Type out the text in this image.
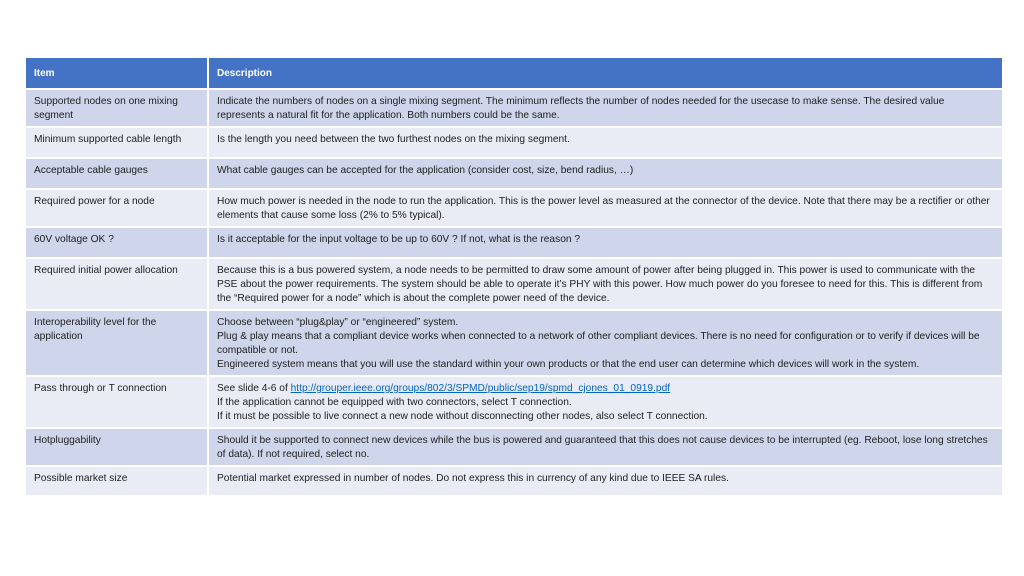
Item	Description
Supported nodes on one mixing segment	Indicate the numbers of nodes on a single mixing segment. The minimum reflects the number of nodes needed for the usecase to make sense. The desired value represents a natural fit for the application. Both numbers could be the same.

Minimum supported cable length	Is the length you need between the two furthest nodes on the mixing segment.

Acceptable cable gauges	What cable gauges can be accepted for the application (consider cost, size, bend radius, …)

Required power for a node	How much power is needed in the node to run the application. This is the power level as measured at the connector of the device. Note that there may be a rectifier or other elements that cause some loss (2% to 5% typical).

60V voltage OK ?	Is it acceptable for the input voltage to be up to 60V ? If not, what is the reason ?

Required initial power allocation	Because this is a bus powered system, a node needs to be permitted to draw some amount of power after being plugged in. This power is used to communicate with the PSE about the power requirements. The system should be able to operate it’s PHY with this power. How much power do you foresee to need for this. This is different from the “Required power for a node” which is about the complete power need of the device.

Interoperability level for the application	Choose between “plug&play” or “engineered” system.
Plug & play means that a compliant device works when connected to a network of other compliant devices. There is no need for configuration or to verify if devices will be compatible or not.
Engineered system means that you will use the standard within your own products or that the end user can determine which devices will work in the system.

Pass through or T connection	See slide 4-6 of http://grouper.ieee.org/groups/802/3/SPMD/public/sep19/spmd_cjones_01_0919.pdf
If the application cannot be equipped with two connectors, select T connection.
If it must be possible to live connect a new node without disconnecting other nodes, also select T connection.

Hotpluggability	Should it be supported to connect new devices while the bus is powered and guaranteed that this does not cause devices to be interrupted (eg. Reboot, lose long stretches of data). If not required, select no.

Possible market size	Potential market expressed in number of nodes. Do not express this in currency of any kind due to IEEE SA rules.
